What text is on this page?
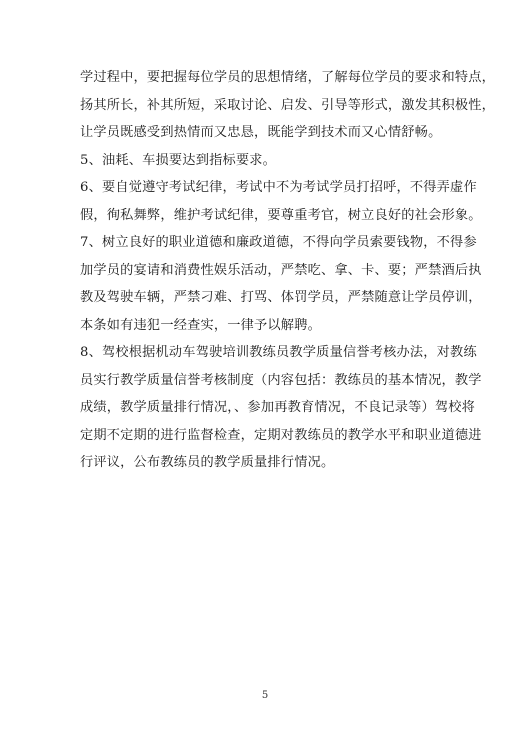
学过程中，要把握每位学员的思想情绪，了解每位学员的要求和特点，
扬其所长，补其所短，采取讨论、启发、引导等形式，激发其积极性，
让学员既感受到热情而又忠恳，既能学到技术而又心情舒畅。
5、油耗、车损要达到指标要求。
6、要自觉遵守考试纪律，考试中不为考试学员打招呼，不得弄虚作
假，徇私舞弊，维护考试纪律，要尊重考官，树立良好的社会形象。
7、树立良好的职业道德和廉政道德，不得向学员索要钱物，不得参
加学员的宴请和消费性娱乐活动，严禁吃、拿、卡、要；严禁酒后执
教及驾驶车辆，严禁刁难、打骂、体罚学员，严禁随意让学员停训，
本条如有违犯一经查实，一律予以解聘。
8、驾校根据机动车驾驶培训教练员教学质量信誉考核办法，对教练
员实行教学质量信誉考核制度（内容包括：教练员的基本情况，教学
成绩，教学质量排行情况，、参加再教育情况，不良记录等）驾校将
定期不定期的进行监督检查，定期对教练员的教学水平和职业道德进
行评议，公布教练员的教学质量排行情况。
5
